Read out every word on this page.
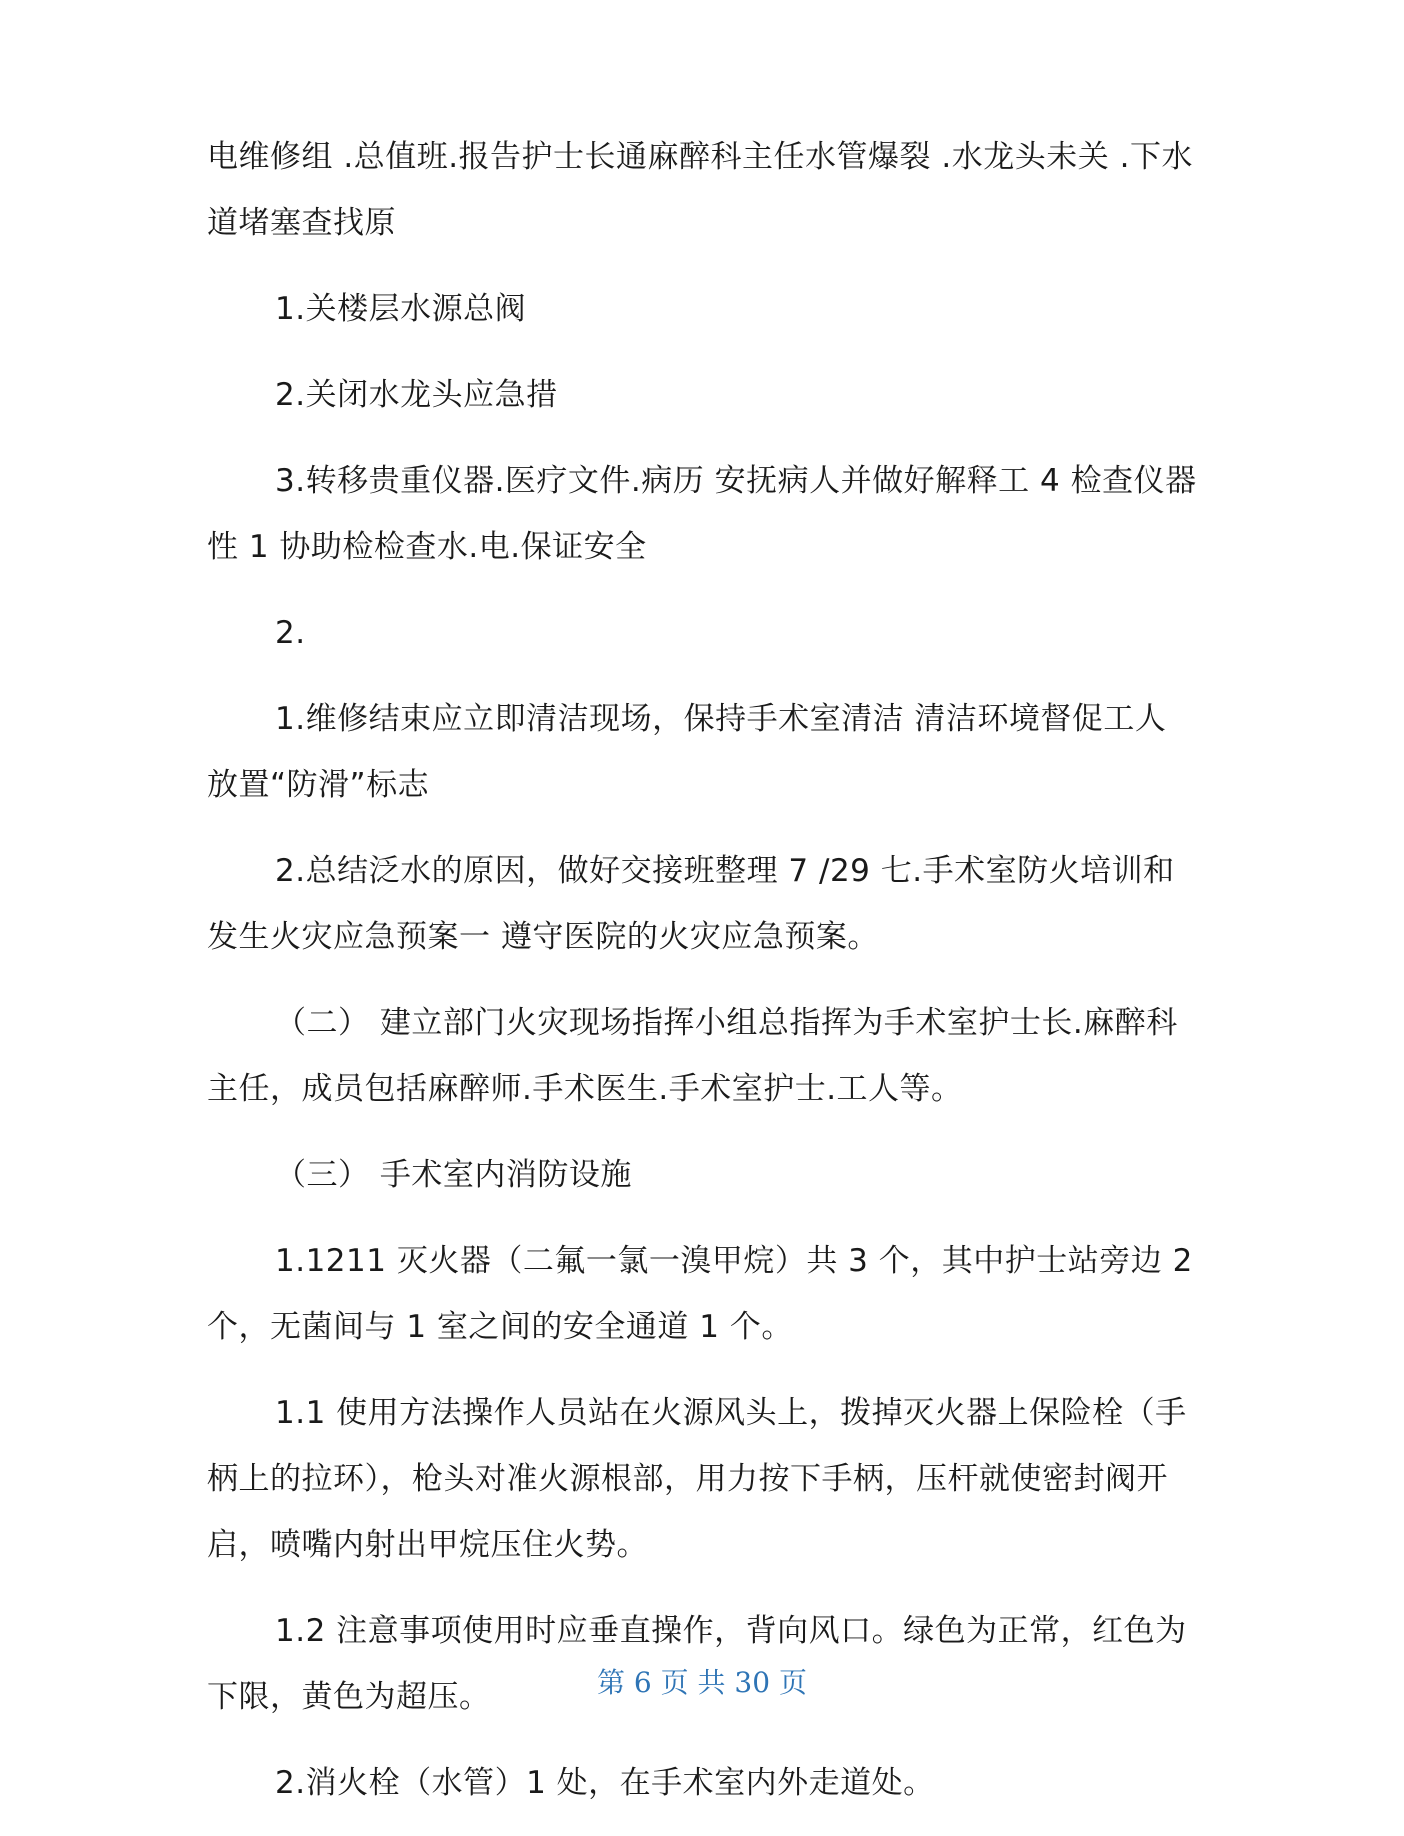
电维修组 .总值班.报告护士长通麻醉科主任水管爆裂 .水龙头未关 .下水道堵塞查找原

1.关楼层水源总阀

2.关闭水龙头应急措

3.转移贵重仪器.医疗文件.病历 安抚病人并做好解释工 4 检查仪器性 1 协助检检查水.电.保证安全

2.

1.维修结束应立即清洁现场，保持手术室清洁 清洁环境督促工人放置“防滑”标志

2.总结泛水的原因，做好交接班整理 7 /29 七.手术室防火培训和发生火灾应急预案一 遵守医院的火灾应急预案。

（二） 建立部门火灾现场指挥小组总指挥为手术室护士长.麻醉科主任，成员包括麻醉师.手术医生.手术室护士.工人等。

（三） 手术室内消防设施

1.1211 灭火器（二氟一氯一溴甲烷）共 3 个，其中护士站旁边 2 个，无菌间与 1 室之间的安全通道 1 个。

1.1 使用方法操作人员站在火源风头上，拨掉灭火器上保险栓（手柄上的拉环），枪头对准火源根部，用力按下手柄，压杆就使密封阀开启，喷嘴内射出甲烷压住火势。

1.2 注意事项使用时应垂直操作，背向风口。绿色为正常，红色为下限，黄色为超压。

2.消火栓（水管）1 处，在手术室内外走道处。

第 6 页 共 30 页
